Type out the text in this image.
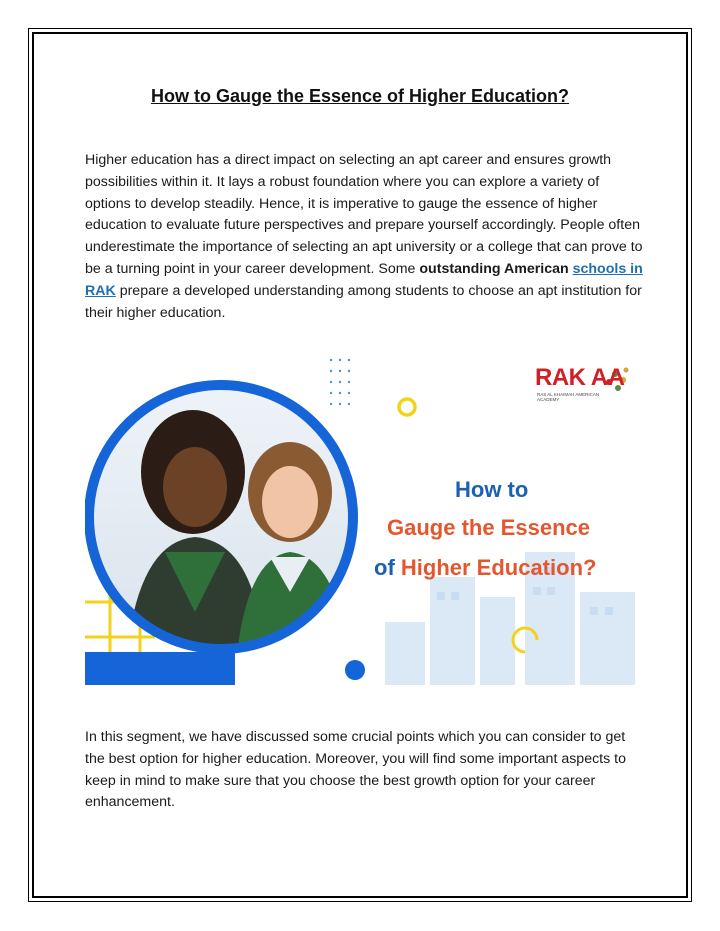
How to Gauge the Essence of Higher Education?
Higher education has a direct impact on selecting an apt career and ensures growth possibilities within it. It lays a robust foundation where you can explore a variety of options to develop steadily. Hence, it is imperative to gauge the essence of higher education to evaluate future perspectives and prepare yourself accordingly. People often underestimate the importance of selecting an apt university or a college that can prove to be a turning point in your career development. Some outstanding American schools in RAK prepare a developed understanding among students to choose an apt institution for their higher education.
RAK AA
RAS AL KHAIMAH AMERICAN ACADEMY
How to
Gauge the Essence
of Higher Education?
In this segment, we have discussed some crucial points which you can consider to get the best option for higher education. Moreover, you will find some important aspects to keep in mind to make sure that you choose the best growth option for your career enhancement.
